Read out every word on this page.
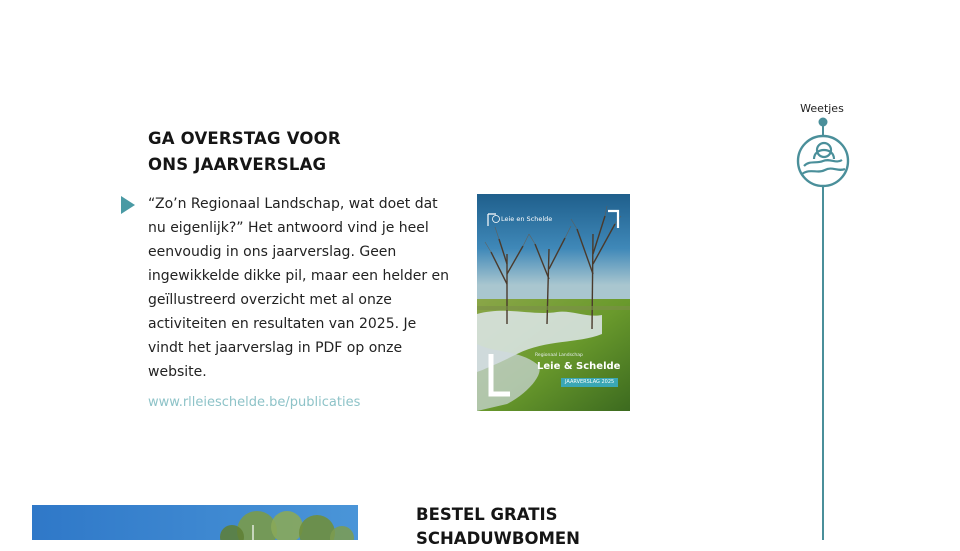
GA OVERSTAG VOOR
ONS JAARVERSLAG

“Zo’n Regionaal Landschap, wat doet dat nu eigenlijk?” Het antwoord vind je heel eenvoudig in ons jaarverslag. Geen ingewikkelde dikke pil, maar een helder en geïllustreerd overzicht met al onze activiteiten en resultaten van 2025. Je vindt het jaarverslag in PDF op onze website.

www.rlleieschelde.be/publicaties
Leie en Schelde
Regionaal Landschap
Leie & Schelde
JAARVERSLAG 2025
Weetjes
BESTEL GRATIS
SCHADUWBOMEN
